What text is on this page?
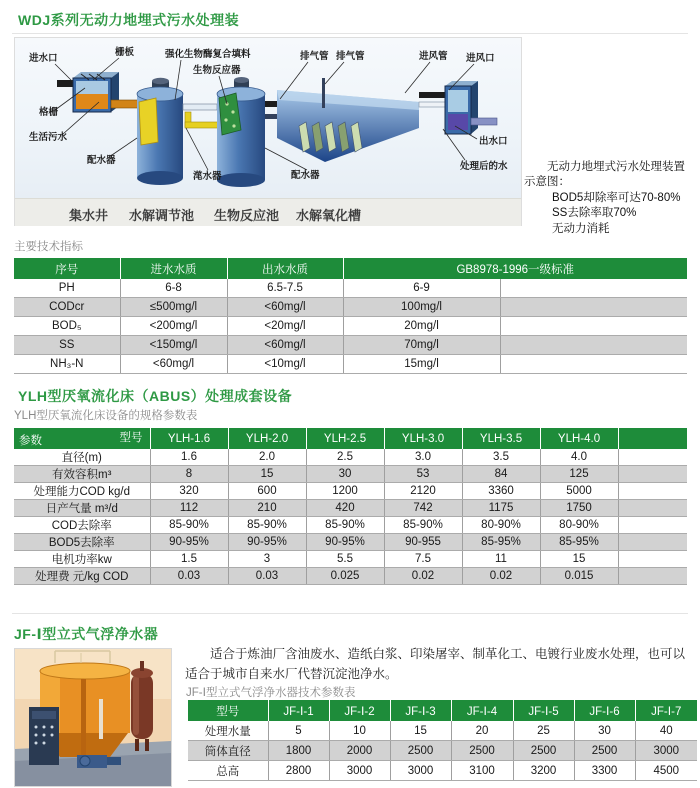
WDJ系列无动力地埋式污水处理装
进水口
栅板	强化生物酶复合填料
生物反应器
排气管 排气管	进风管 进风口
格栅
生活污水
配水器
滗水器	配水器
出水口
处理后的水
集水井 水解调节池 生物反应池 水解氧化槽
无动力地埋式污水处理装置示意图：
BOD5却除率可达70-80%
SS去除率取70%
无动力消耗
主要技术指标
序号	进水水质	出水水质	GB8978-1996一级标准	
PH	6-8	6.5-7.5	6-9	
CODcr	≤500mg/l	<60mg/l	100mg/l	
BOD₅	<200mg/l	<20mg/l	20mg/l	
SS	<150mg/l	<60mg/l	70mg/l	
NH₃-N	<60mg/l	<10mg/l	15mg/l	
YLH型厌氧流化床（ABUS）处理成套设备
YLH型厌氧流化床设备的规格参数表
型号
参数	YLH-1.6	YLH-2.0	YLH-2.5	YLH-3.0	YLH-3.5	YLH-4.0	
直径(m)	1.6	2.0	2.5	3.0	3.5	4.0	
有效容积m³	8	15	30	53	84	125	
处理能力COD kg/d	320	600	1200	2120	3360	5000	
日产气量 m³/d	112	210	420	742	1175	1750	
COD去除率	85-90%	85-90%	85-90%	85-90%	80-90%	80-90%	
BOD5去除率	90-95%	90-95%	90-95%	90-955	85-95%	85-95%	
电机功率kw	1.5	3	5.5	7.5	11	15	
处理费 元/kg COD	0.03	0.03	0.025	0.02	0.02	0.015	
JF-Ⅰ型立式气浮净水器

适合于炼油厂含油废水、造纸白浆、印染屠宰、制革化工、电镀行业废水处理，也可以适合于城市自来水厂代替沉淀池净水。

JF-Ⅰ型立式气浮净水器技术参数表
型号	JF-Ⅰ-1	JF-Ⅰ-2	JF-Ⅰ-3	JF-Ⅰ-4	JF-Ⅰ-5	JF-Ⅰ-6	JF-Ⅰ-7
处理水量	5	10	15	20	25	30	40
筒体直径	1800	2000	2500	2500	2500	2500	3000
总高	2800	3000	3000	3100	3200	3300	4500
